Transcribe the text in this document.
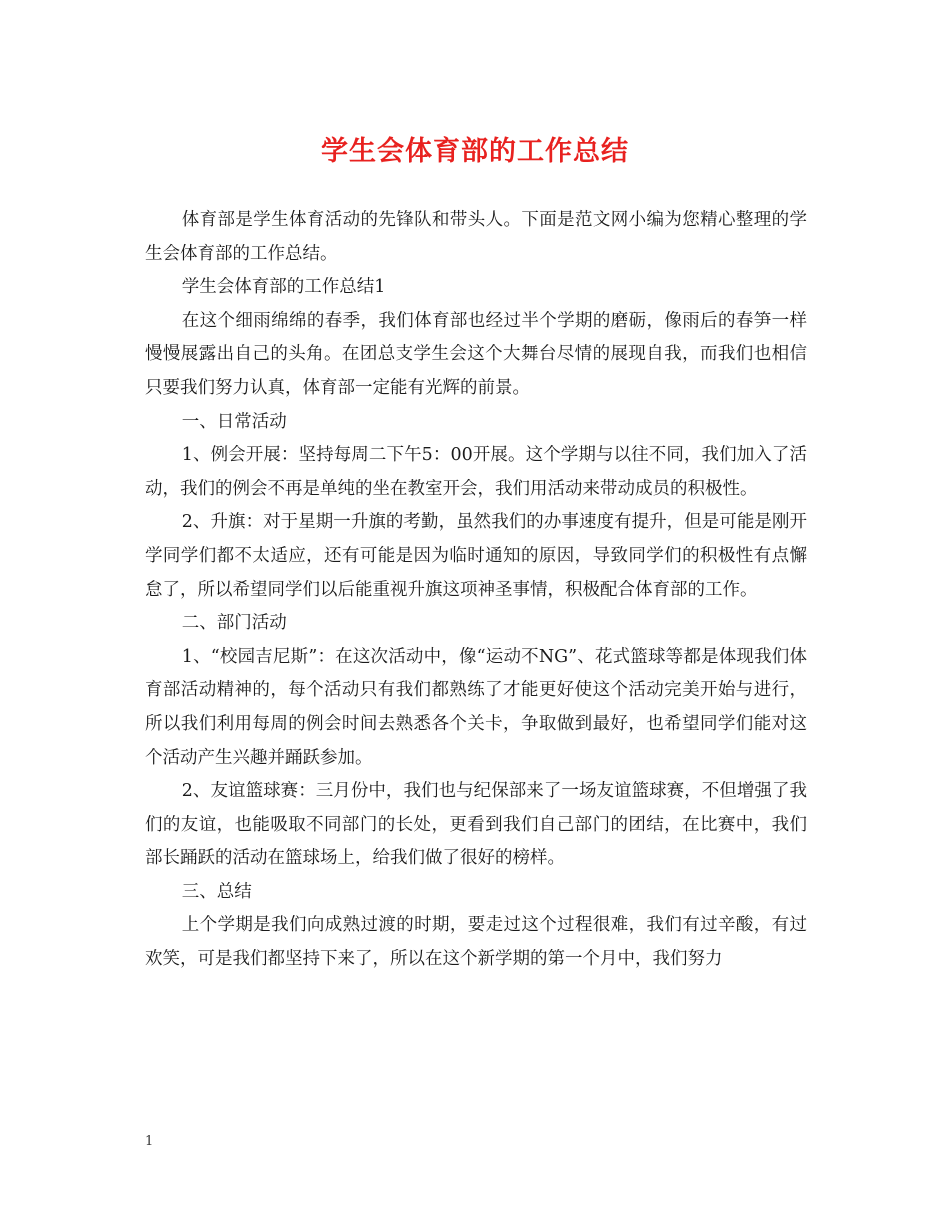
学生会体育部的工作总结

体育部是学生体育活动的先锋队和带头人。下面是范文网小编为您精心整理的学生会体育部的工作总结。

学生会体育部的工作总结1

在这个细雨绵绵的春季，我们体育部也经过半个学期的磨砺，像雨后的春笋一样慢慢展露出自己的头角。在团总支学生会这个大舞台尽情的展现自我，而我们也相信只要我们努力认真，体育部一定能有光辉的前景。

一、日常活动

1、例会开展：坚持每周二下午5：00开展。这个学期与以往不同，我们加入了活动，我们的例会不再是单纯的坐在教室开会，我们用活动来带动成员的积极性。

2、升旗：对于星期一升旗的考勤，虽然我们的办事速度有提升，但是可能是刚开学同学们都不太适应，还有可能是因为临时通知的原因，导致同学们的积极性有点懈怠了，所以希望同学们以后能重视升旗这项神圣事情，积极配合体育部的工作。

二、部门活动

1、“校园吉尼斯”：在这次活动中，像“运动不NG”、花式篮球等都是体现我们体育部活动精神的，每个活动只有我们都熟练了才能更好使这个活动完美开始与进行，所以我们利用每周的例会时间去熟悉各个关卡，争取做到最好，也希望同学们能对这个活动产生兴趣并踊跃参加。

2、友谊篮球赛：三月份中，我们也与纪保部来了一场友谊篮球赛，不但增强了我们的友谊，也能吸取不同部门的长处，更看到我们自己部门的团结，在比赛中，我们部长踊跃的活动在篮球场上，给我们做了很好的榜样。

三、总结

上个学期是我们向成熟过渡的时期，要走过这个过程很难，我们有过辛酸，有过欢笑，可是我们都坚持下来了，所以在这个新学期的第一个月中，我们努力

1
